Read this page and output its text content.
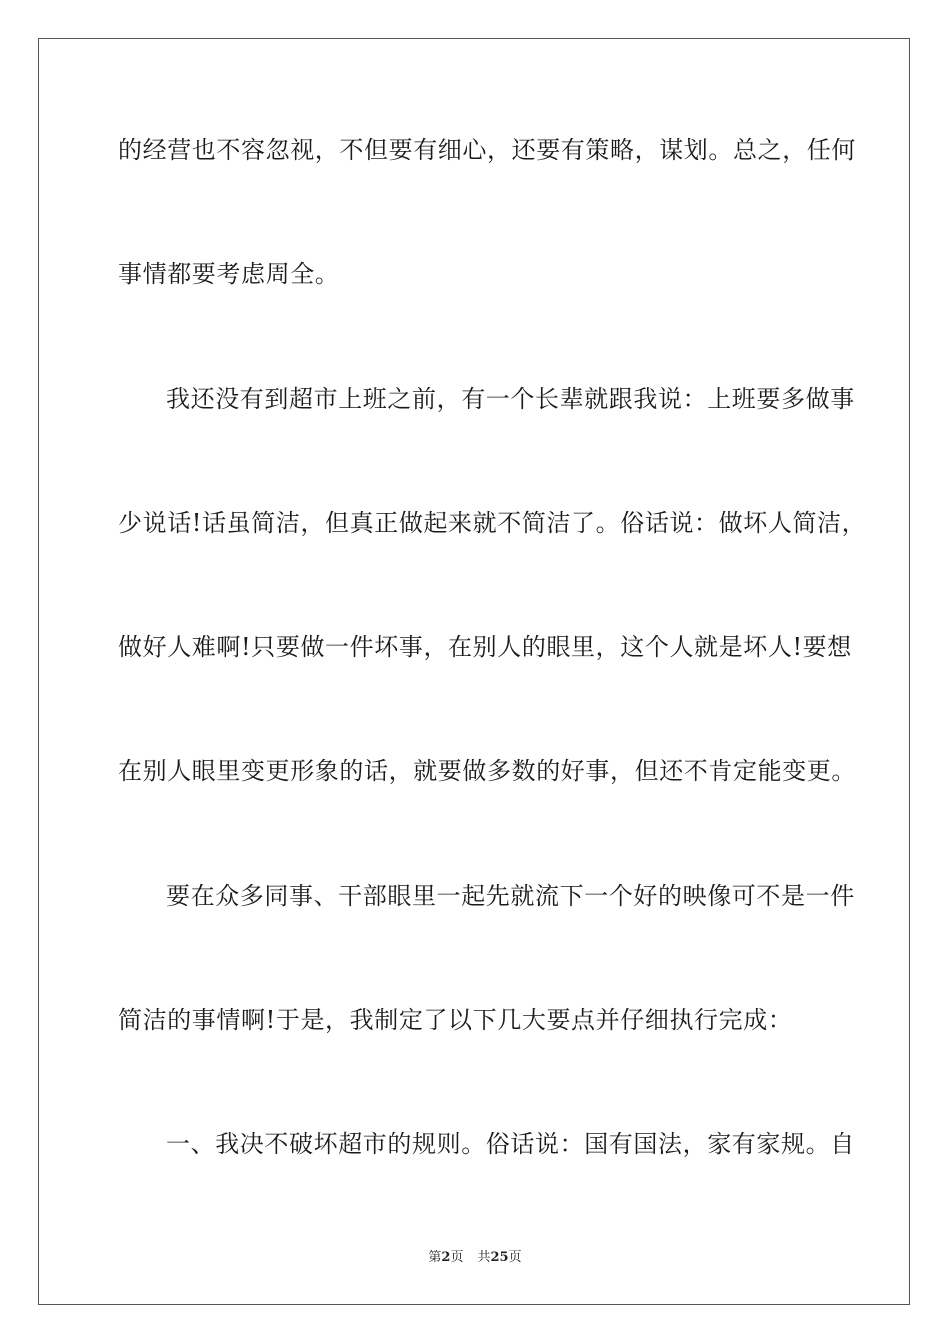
的经营也不容忽视，不但要有细心，还要有策略，谋划。总之，任何
事情都要考虑周全。
我还没有到超市上班之前，有一个长辈就跟我说：上班要多做事
少说话!话虽简洁，但真正做起来就不简洁了。俗话说：做坏人简洁，
做好人难啊!只要做一件坏事，在别人的眼里，这个人就是坏人!要想
在别人眼里变更形象的话，就要做多数的好事，但还不肯定能变更。
要在众多同事、干部眼里一起先就流下一个好的映像可不是一件
简洁的事情啊!于是，我制定了以下几大要点并仔细执行完成：
一、我决不破坏超市的规则。俗话说：国有国法，家有家规。自
第2页 共25页
